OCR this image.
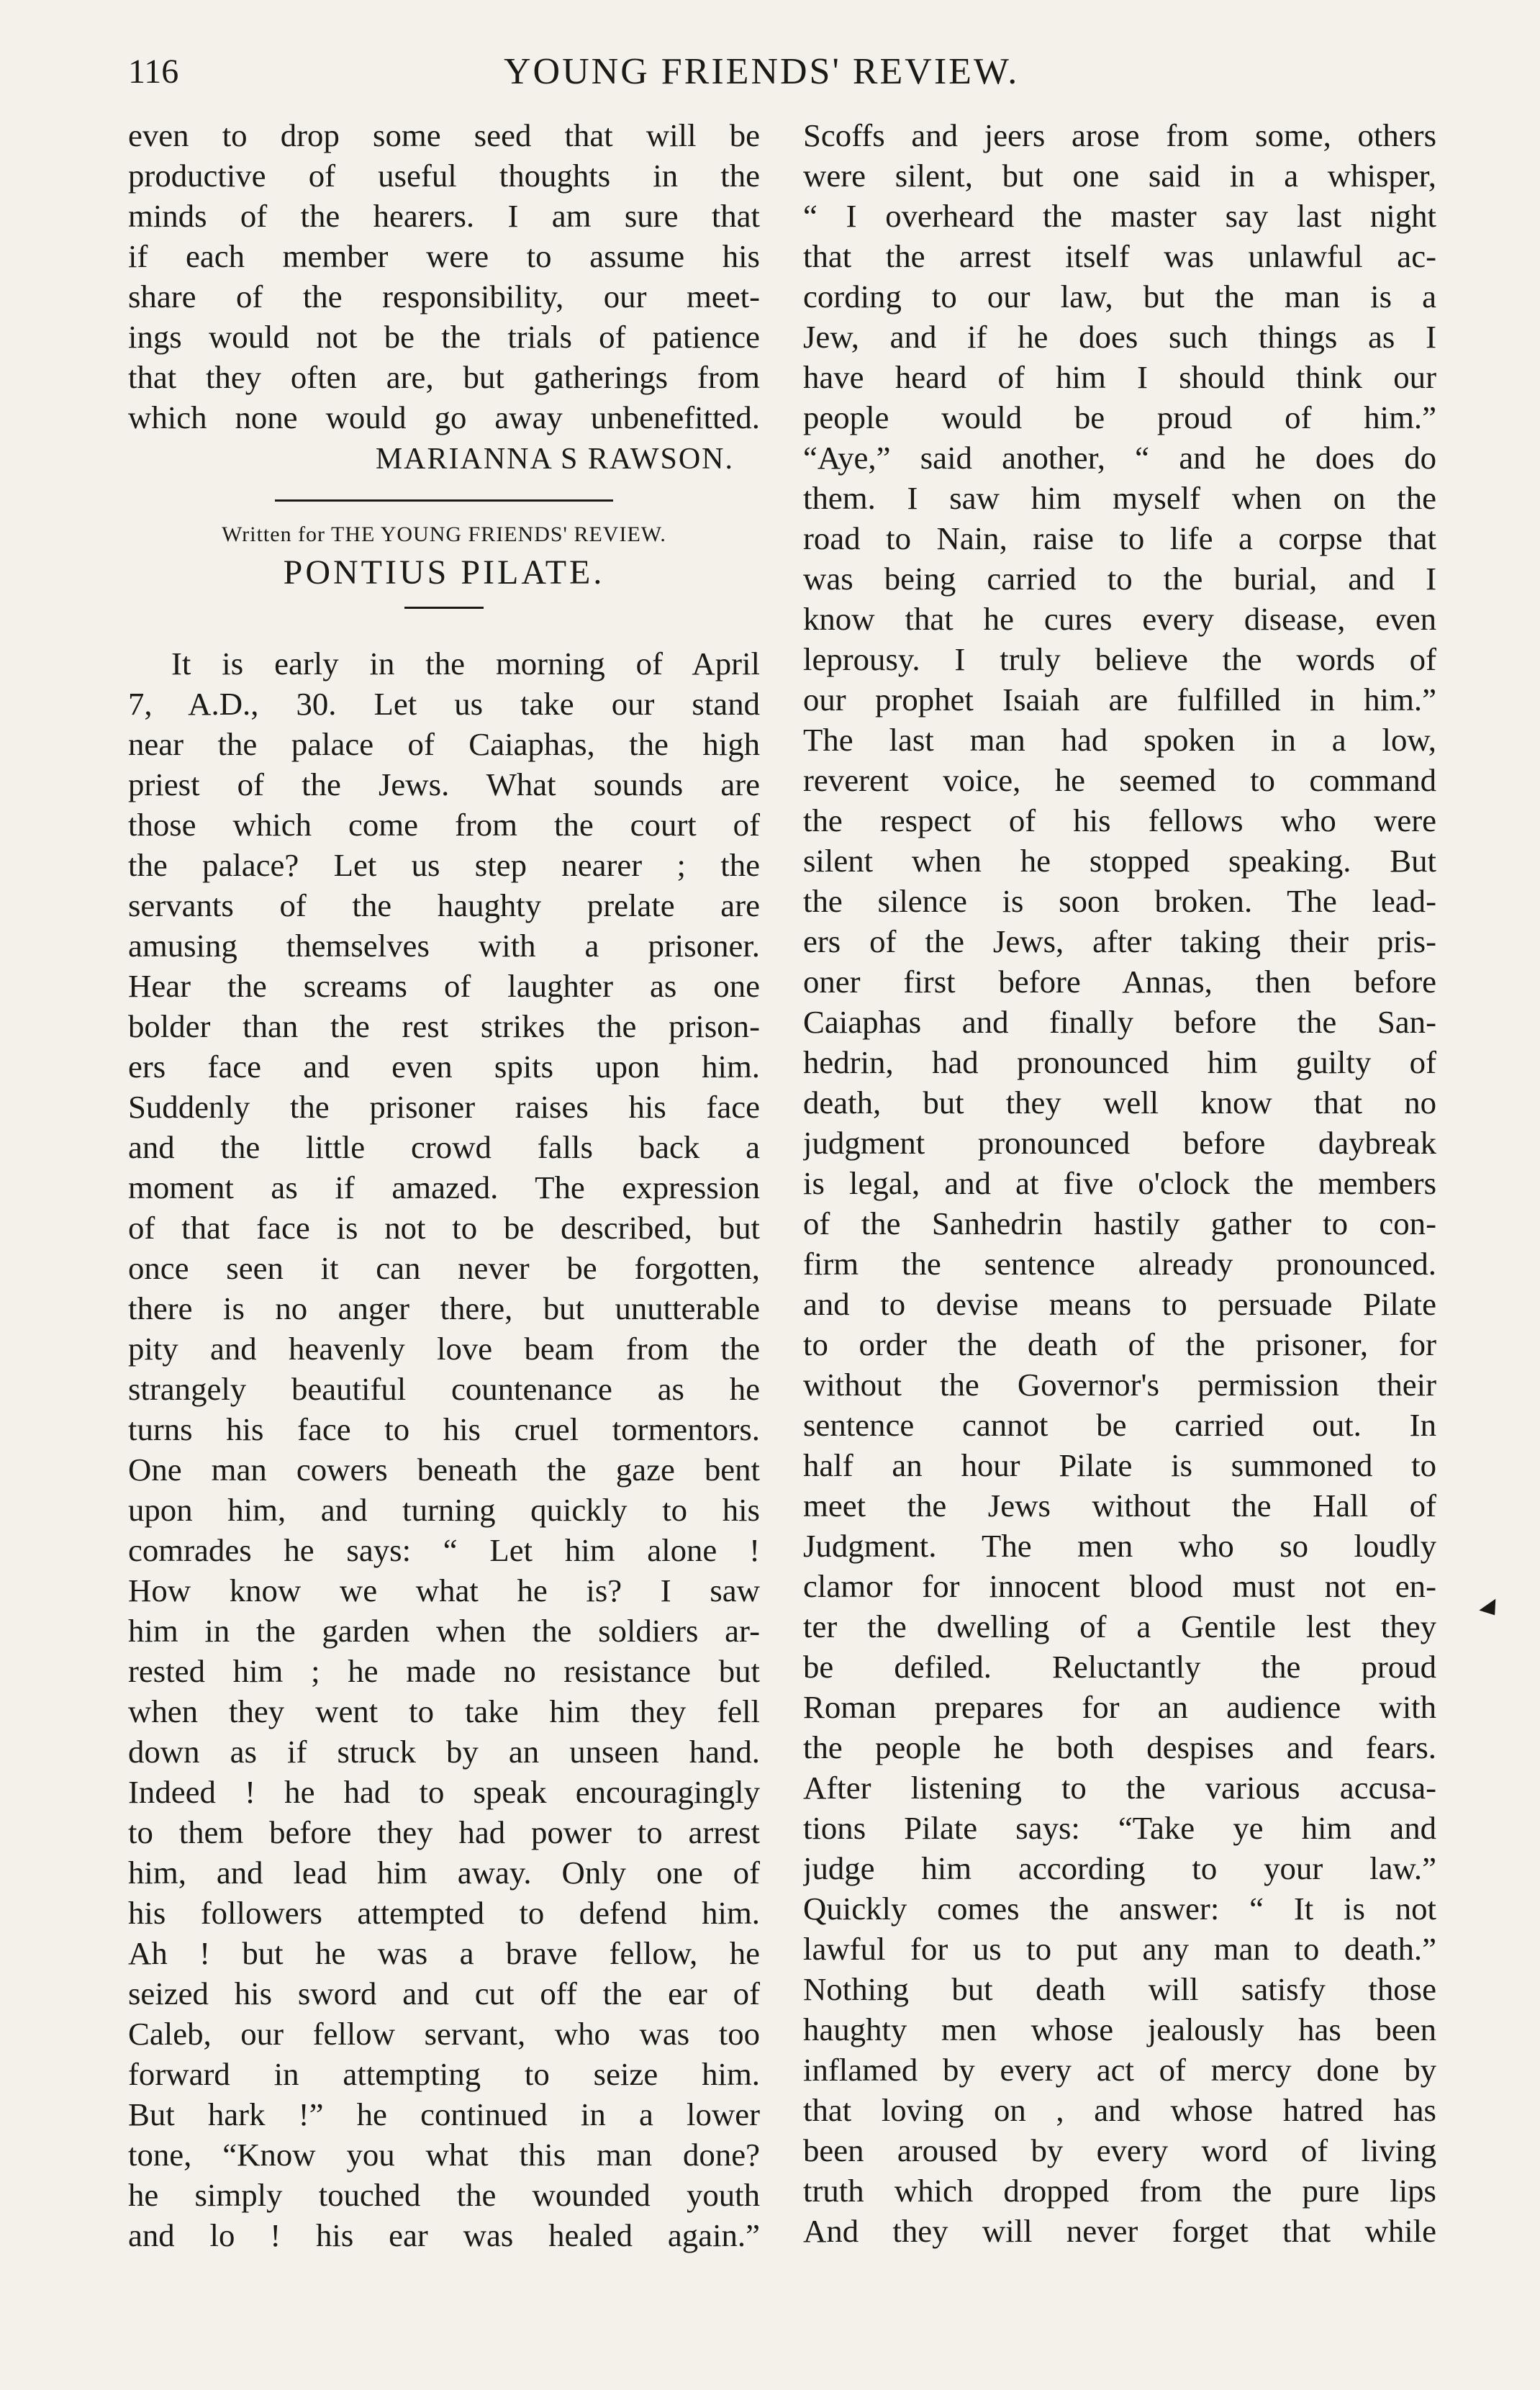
116	YOUNG FRIENDS' REVIEW.
even to drop some seed that will be
productive of useful thoughts in the
minds of the hearers. I am sure that
if each member were to assume his
share of the responsibility, our meet-
ings would not be the trials of patience
that they often are, but gatherings from
which none would go away unbenefitted.
MARIANNA S RAWSON.
Written for THE YOUNG FRIENDS' REVIEW.
PONTIUS PILATE.
It is early in the morning of April
7, A.D., 30. Let us take our stand
near the palace of Caiaphas, the high
priest of the Jews. What sounds are
those which come from the court of
the palace? Let us step nearer ; the
servants of the haughty prelate are
amusing themselves with a prisoner.
Hear the screams of laughter as one
bolder than the rest strikes the prison-
ers face and even spits upon him.
Suddenly the prisoner raises his face
and the little crowd falls back a
moment as if amazed. The expression
of that face is not to be described, but
once seen it can never be forgotten,
there is no anger there, but unutterable
pity and heavenly love beam from the
strangely beautiful countenance as he
turns his face to his cruel tormentors.
One man cowers beneath the gaze bent
upon him, and turning quickly to his
comrades he says: “ Let him alone !
How know we what he is? I saw
him in the garden when the soldiers ar-
rested him ; he made no resistance but
when they went to take him they fell
down as if struck by an unseen hand.
Indeed ! he had to speak encouragingly
to them before they had power to arrest
him, and lead him away. Only one of
his followers attempted to defend him.
Ah ! but he was a brave fellow, he
seized his sword and cut off the ear of
Caleb, our fellow servant, who was too
forward in attempting to seize him.
But hark !” he continued in a lower
tone, “Know you what this man done?
he simply touched the wounded youth
and lo ! his ear was healed again.”
Scoffs and jeers arose from some, others
were silent, but one said in a whisper,
“ I overheard the master say last night
that the arrest itself was unlawful ac-
cording to our law, but the man is a
Jew, and if he does such things as I
have heard of him I should think our
people would be proud of him.”
“Aye,” said another, “ and he does do
them. I saw him myself when on the
road to Nain, raise to life a corpse that
was being carried to the burial, and I
know that he cures every disease, even
leprousy. I truly believe the words of
our prophet Isaiah are fulfilled in him.”
The last man had spoken in a low,
reverent voice, he seemed to command
the respect of his fellows who were
silent when he stopped speaking. But
the silence is soon broken. The lead-
ers of the Jews, after taking their pris-
oner first before Annas, then before
Caiaphas and finally before the San-
hedrin, had pronounced him guilty of
death, but they well know that no
judgment pronounced before daybreak
is legal, and at five o'clock the members
of the Sanhedrin hastily gather to con-
firm the sentence already pronounced.
and to devise means to persuade Pilate
to order the death of the prisoner, for
without the Governor's permission their
sentence cannot be carried out. In
half an hour Pilate is summoned to
meet the Jews without the Hall of
Judgment. The men who so loudly
clamor for innocent blood must not en-
ter the dwelling of a Gentile lest they
be defiled. Reluctantly the proud
Roman prepares for an audience with
the people he both despises and fears.
After listening to the various accusa-
tions Pilate says: “Take ye him and
judge him according to your law.”
Quickly comes the answer: “ It is not
lawful for us to put any man to death.”
Nothing but death will satisfy those
haughty men whose jealously has been
inflamed by every act of mercy done by
that loving on , and whose hatred has
been aroused by every word of living
truth which dropped from the pure lips
And they will never forget that while
